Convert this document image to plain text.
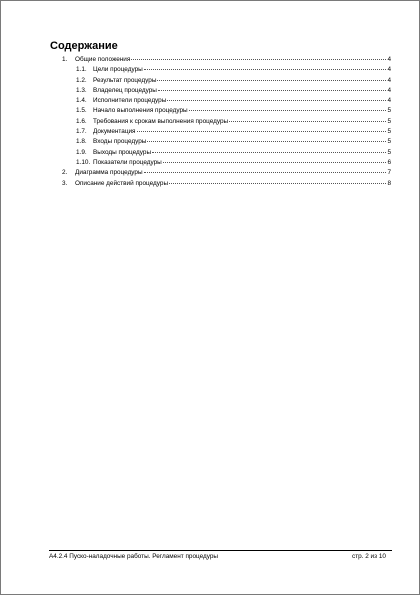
Содержание
1.	Общие положения	4
1.1. Цели процедуры	4
1.2. Результат процедуры	4
1.3. Владелец процедуры	4
1.4. Исполнители процедуры	4
1.5. Начало выполнения процедуры	5
1.6. Требования к срокам выполнения процедуры	5
1.7. Документация	5
1.8. Входы процедуры	5
1.9. Выходы процедуры	5
1.10. Показатели процедуры	6
2.	Диаграмма процедуры	7
3.	Описание действий процедуры	8
A4.2.4 Пуско-наладочные работы. Регламент процедуры	стр. 2 из 10
